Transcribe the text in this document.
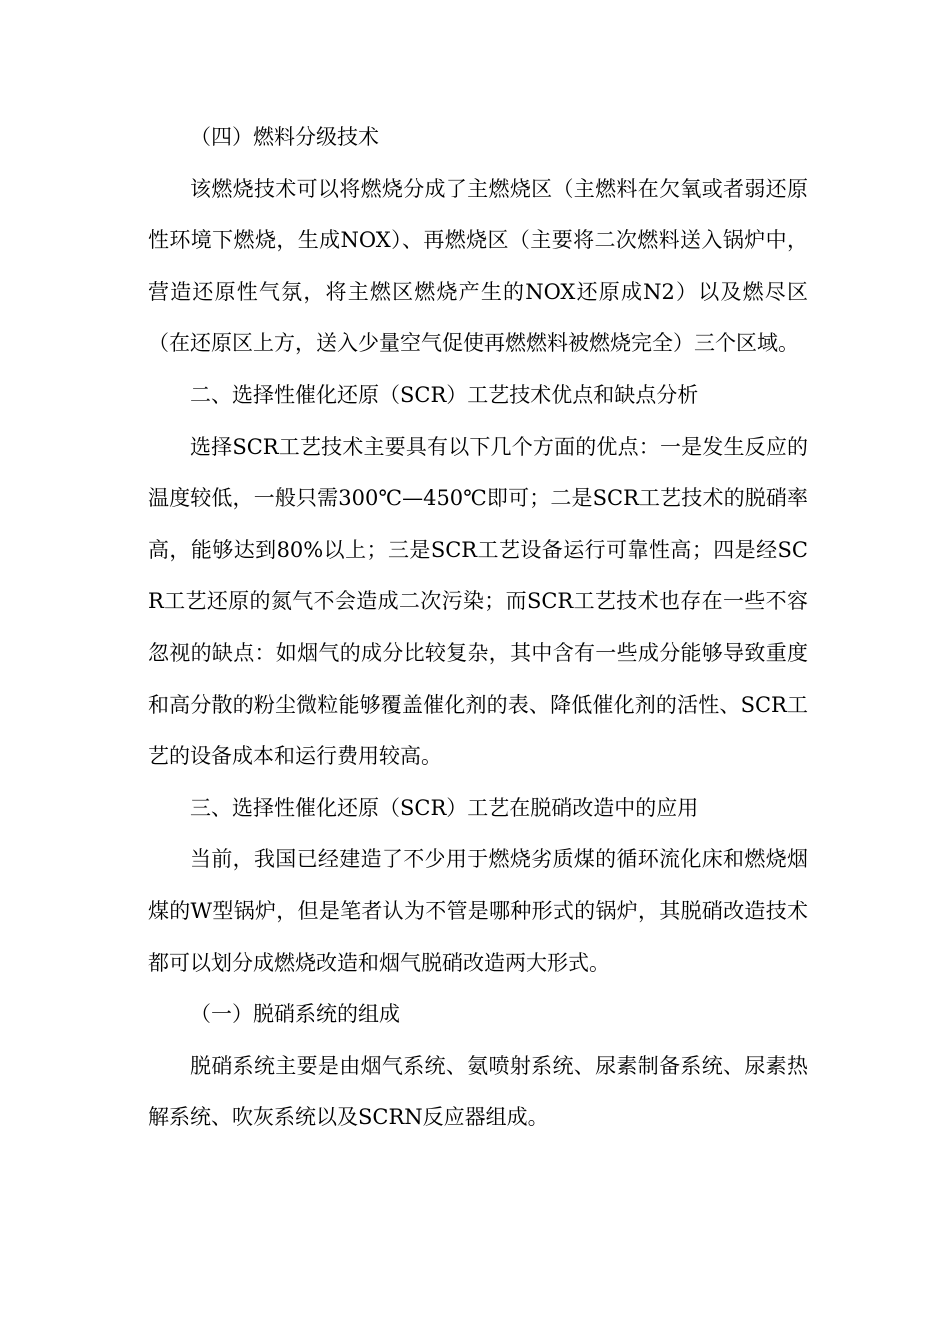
（四）燃料分级技术

该燃烧技术可以将燃烧分成了主燃烧区（主燃料在欠氧或者弱还原性环境下燃烧，生成NOX）、再燃烧区（主要将二次燃料送入锅炉中，营造还原性气氛，将主燃区燃烧产生的NOX还原成N2）以及燃尽区（在还原区上方，送入少量空气促使再燃燃料被燃烧完全）三个区域。

二、选择性催化还原（SCR）工艺技术优点和缺点分析

选择SCR工艺技术主要具有以下几个方面的优点：一是发生反应的温度较低，一般只需300℃—450℃即可；二是SCR工艺技术的脱硝率高，能够达到80%以上；三是SCR工艺设备运行可靠性高；四是经SCR工艺还原的氮气不会造成二次污染；而SCR工艺技术也存在一些不容忽视的缺点：如烟气的成分比较复杂，其中含有一些成分能够导致重度和高分散的粉尘微粒能够覆盖催化剂的表、降低催化剂的活性、SCR工艺的设备成本和运行费用较高。

三、选择性催化还原（SCR）工艺在脱硝改造中的应用

当前，我国已经建造了不少用于燃烧劣质煤的循环流化床和燃烧烟煤的W型锅炉，但是笔者认为不管是哪种形式的锅炉，其脱硝改造技术都可以划分成燃烧改造和烟气脱硝改造两大形式。

（一）脱硝系统的组成

脱硝系统主要是由烟气系统、氨喷射系统、尿素制备系统、尿素热解系统、吹灰系统以及SCRN反应器组成。
